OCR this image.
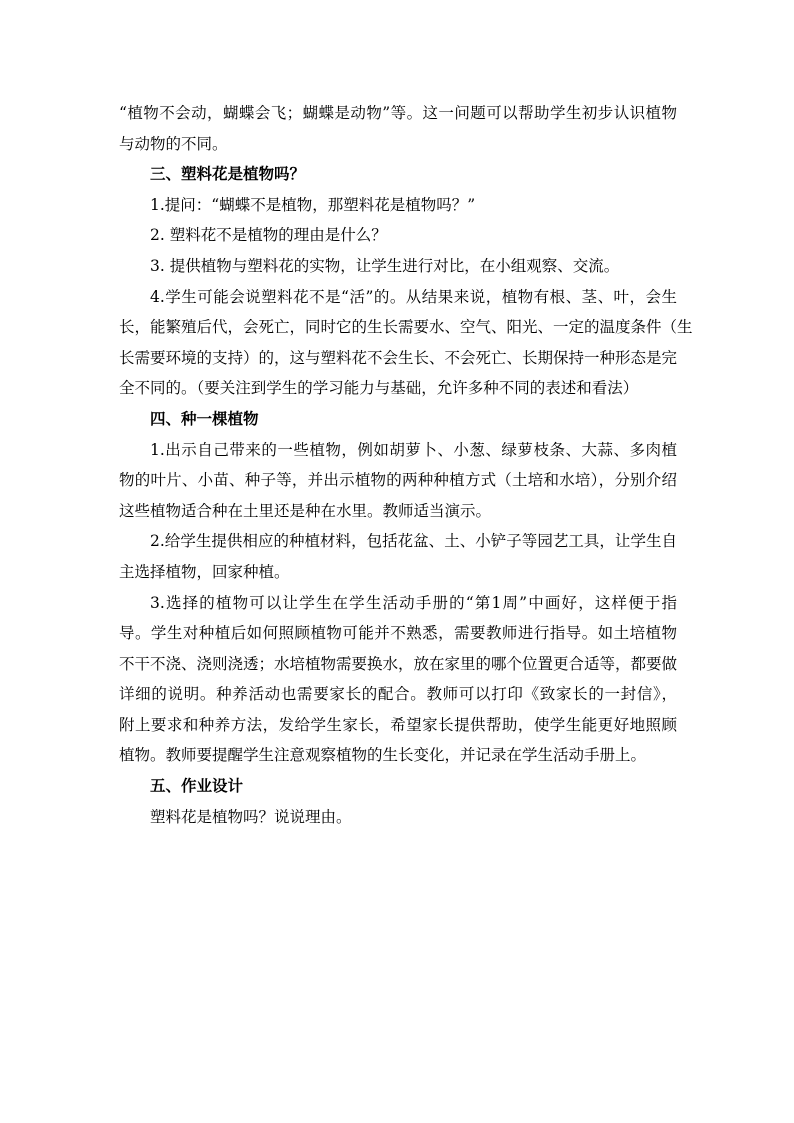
“植物不会动，蝴蝶会飞；蝴蝶是动物”等。这一问题可以帮助学生初步认识植物
与动物的不同。
三、塑料花是植物吗？
1.提问：“蝴蝶不是植物，那塑料花是植物吗？”
2. 塑料花不是植物的理由是什么？
3. 提供植物与塑料花的实物，让学生进行对比，在小组观察、交流。
4.学生可能会说塑料花不是“活”的。从结果来说，植物有根、茎、叶，会生
长，能繁殖后代，会死亡，同时它的生长需要水、空气、阳光、一定的温度条件（生
长需要环境的支持）的，这与塑料花不会生长、不会死亡、长期保持一种形态是完
全不同的。（要关注到学生的学习能力与基础，允许多种不同的表述和看法）
四、种一棵植物
1.出示自己带来的一些植物，例如胡萝卜、小葱、绿萝枝条、大蒜、多肉植
物的叶片、小苗、种子等，并出示植物的两种种植方式（土培和水培），分别介绍
这些植物适合种在土里还是种在水里。教师适当演示。
2.给学生提供相应的种植材料，包括花盆、土、小铲子等园艺工具，让学生自
主选择植物，回家种植。
3.选择的植物可以让学生在学生活动手册的“第1周”中画好，这样便于指
导。学生对种植后如何照顾植物可能并不熟悉，需要教师进行指导。如土培植物
不干不浇、浇则浇透；水培植物需要换水，放在家里的哪个位置更合适等，都要做
详细的说明。种养活动也需要家长的配合。教师可以打印《致家长的一封信》，
附上要求和种养方法，发给学生家长，希望家长提供帮助，使学生能更好地照顾
植物。教师要提醒学生注意观察植物的生长变化，并记录在学生活动手册上。
五、作业设计
塑料花是植物吗？说说理由。
